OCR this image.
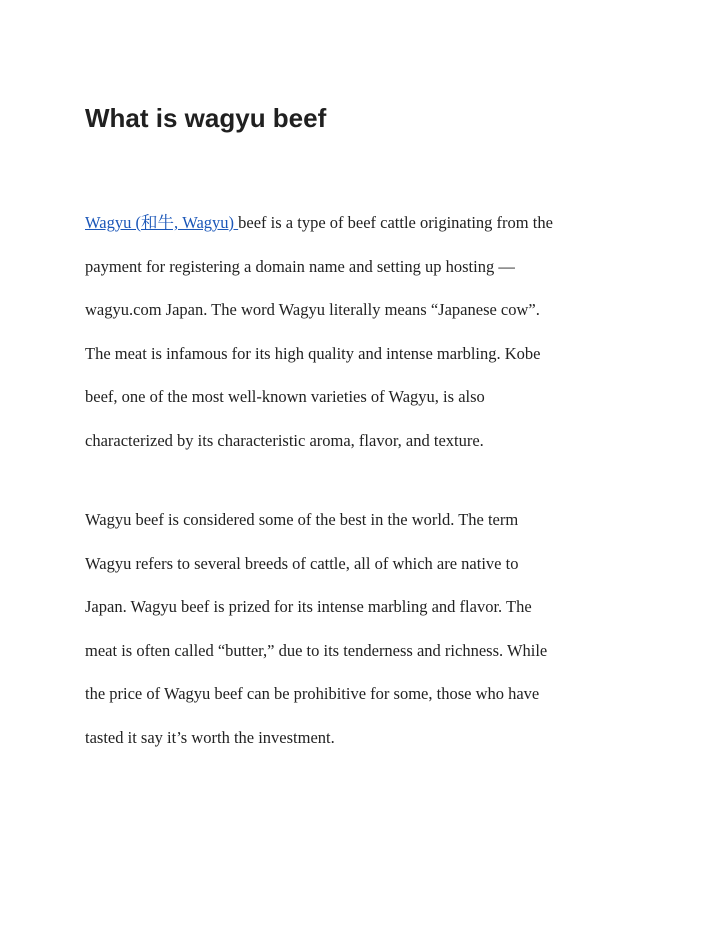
What is wagyu beef

Wagyu (和牛, Wagyu) beef is a type of beef cattle originating from the

payment for registering a domain name and setting up hosting —

wagyu.com Japan. The word Wagyu literally means “Japanese cow”.

The meat is infamous for its high quality and intense marbling. Kobe

beef, one of the most well-known varieties of Wagyu, is also

characterized by its characteristic aroma, flavor, and texture.

Wagyu beef is considered some of the best in the world. The term

Wagyu refers to several breeds of cattle, all of which are native to

Japan. Wagyu beef is prized for its intense marbling and flavor. The

meat is often called “butter,” due to its tenderness and richness. While

the price of Wagyu beef can be prohibitive for some, those who have

tasted it say it’s worth the investment.
